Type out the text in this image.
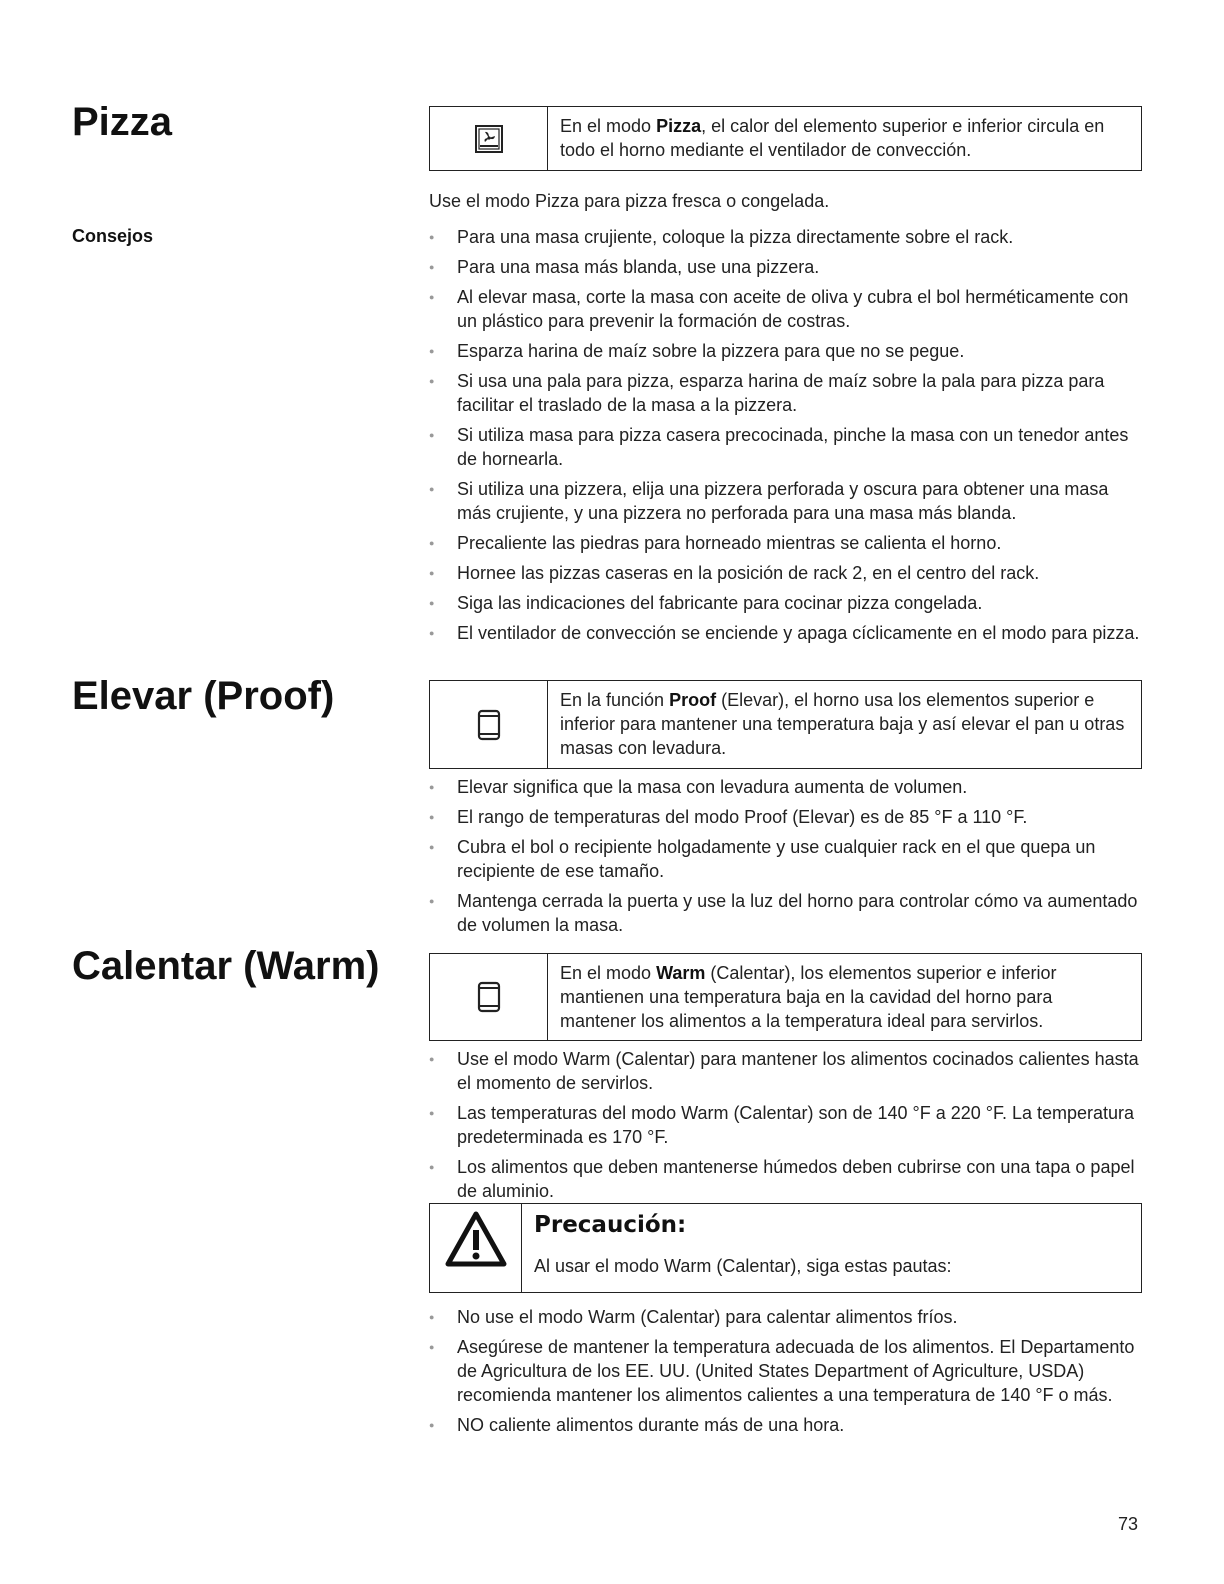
Pizza	En el modo Pizza, el calor del elemento superior e inferior circula en todo el horno mediante el ventilador de convección.

Use el modo Pizza para pizza fresca o congelada.

Consejos	● Para una masa crujiente, coloque la pizza directamente sobre el rack.
● Para una masa más blanda, use una pizzera.
● Al elevar masa, corte la masa con aceite de oliva y cubra el bol herméticamente con un plástico para prevenir la formación de costras.
● Esparza harina de maíz sobre la pizzera para que no se pegue.
● Si usa una pala para pizza, esparza harina de maíz sobre la pala para pizza para facilitar el traslado de la masa a la pizzera.
● Si utiliza masa para pizza casera precocinada, pinche la masa con un tenedor antes de hornearla.
● Si utiliza una pizzera, elija una pizzera perforada y oscura para obtener una masa más crujiente, y una pizzera no perforada para una masa más blanda.
● Precaliente las piedras para horneado mientras se calienta el horno.
● Hornee las pizzas caseras en la posición de rack 2, en el centro del rack.
● Siga las indicaciones del fabricante para cocinar pizza congelada.
● El ventilador de convección se enciende y apaga cíclicamente en el modo para pizza.
Elevar (Proof)	En la función Proof (Elevar), el horno usa los elementos superior e inferior para mantener una temperatura baja y así elevar el pan u otras masas con levadura.
● Elevar significa que la masa con levadura aumenta de volumen.
● El rango de temperaturas del modo Proof (Elevar) es de 85 °F a 110 °F.
● Cubra el bol o recipiente holgadamente y use cualquier rack en el que quepa un recipiente de ese tamaño.
● Mantenga cerrada la puerta y use la luz del horno para controlar cómo va aumentado de volumen la masa.
Calentar (Warm)	En el modo Warm (Calentar), los elementos superior e inferior mantienen una temperatura baja en la cavidad del horno para mantener los alimentos a la temperatura ideal para servirlos.
● Use el modo Warm (Calentar) para mantener los alimentos cocinados calientes hasta el momento de servirlos.
● Las temperaturas del modo Warm (Calentar) son de 140 °F a 220 °F. La temperatura predeterminada es 170 °F.
● Los alimentos que deben mantenerse húmedos deben cubrirse con una tapa o papel de aluminio.
Precaución:
Al usar el modo Warm (Calentar), siga estas pautas:
● No use el modo Warm (Calentar) para calentar alimentos fríos.
● Asegúrese de mantener la temperatura adecuada de los alimentos. El Departamento de Agricultura de los EE. UU. (United States Department of Agriculture, USDA) recomienda mantener los alimentos calientes a una temperatura de 140 °F o más.
● NO caliente alimentos durante más de una hora.
73
